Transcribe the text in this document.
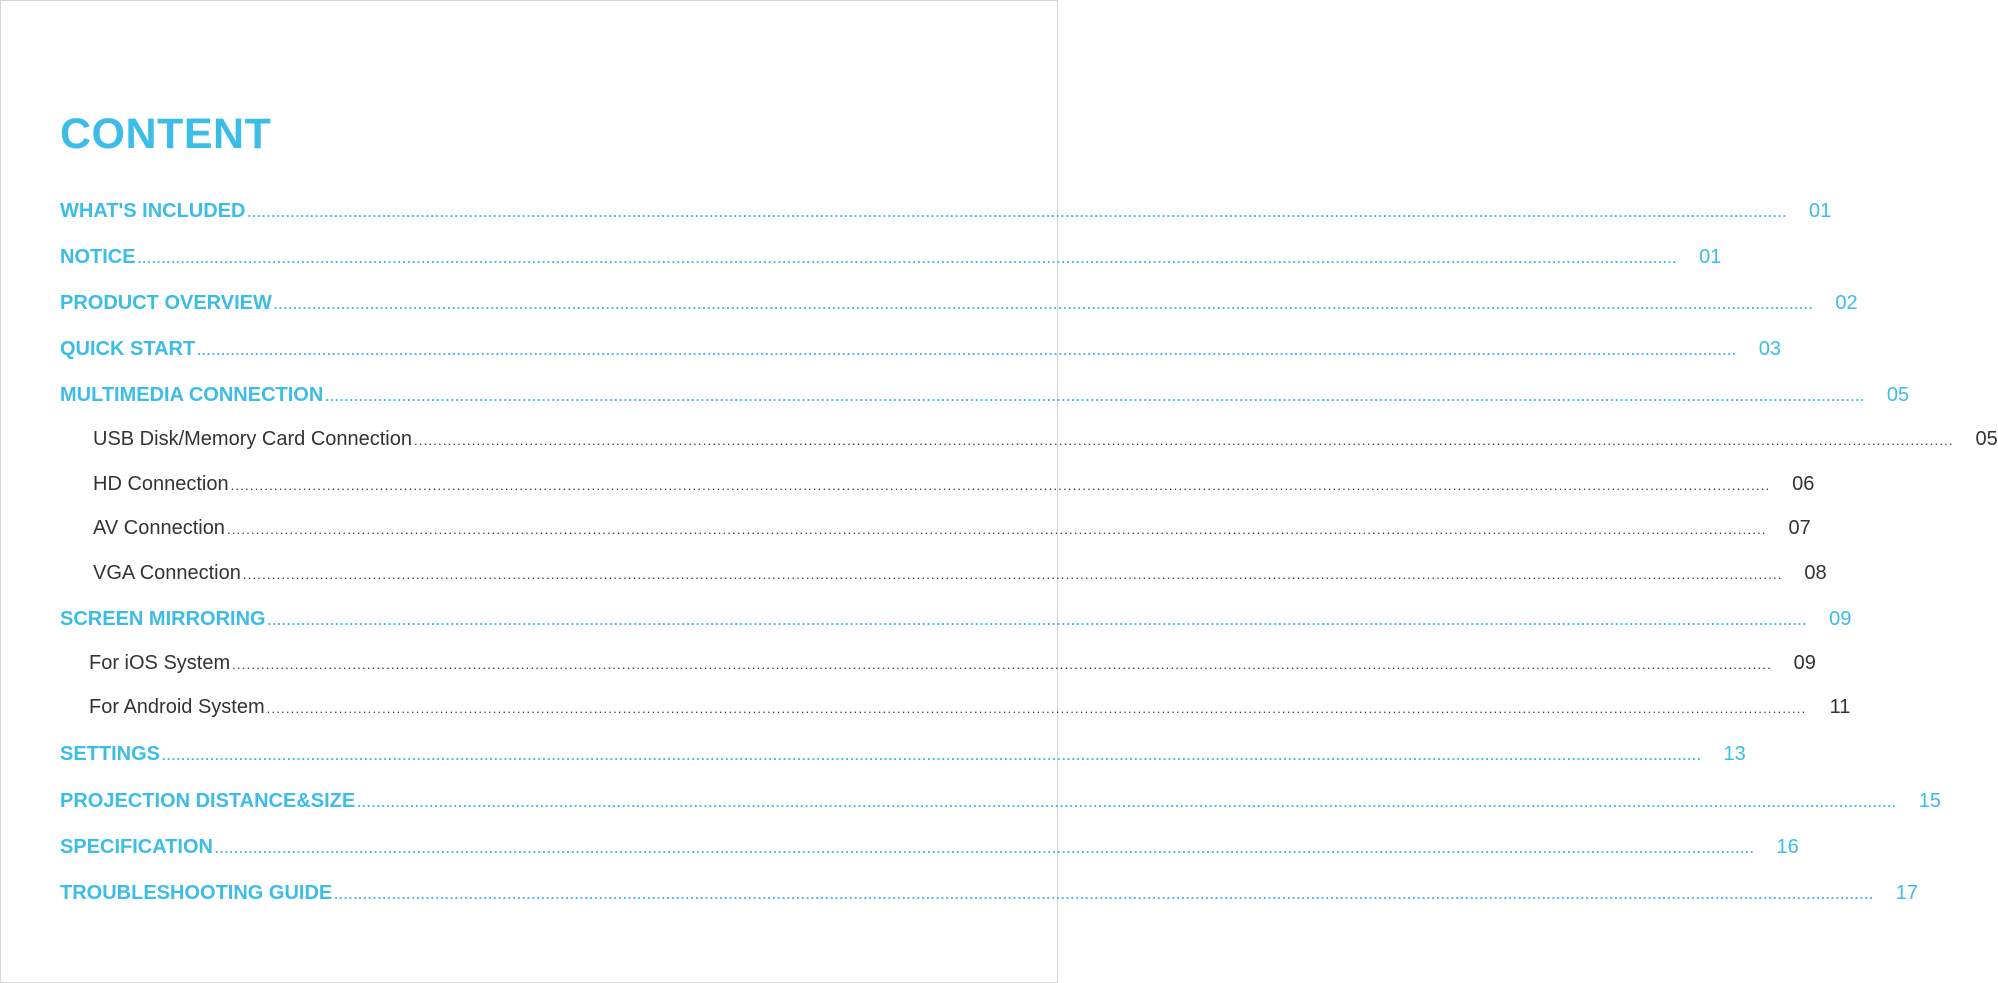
CONTENT
WHAT'S INCLUDED ................................................................................................................................................................................................................................................................................................................................ 01
NOTICE ................................................................................................................................................................................................................................................................................................................................ 01
PRODUCT OVERVIEW ................................................................................................................................................................................................................................................................................................................................ 02
QUICK START ................................................................................................................................................................................................................................................................................................................................ 03
MULTIMEDIA CONNECTION ................................................................................................................................................................................................................................................................................................................................ 05
USB Disk/Memory Card Connection ................................................................................................................................................................................................................................................................................................................................ 05
HD Connection ................................................................................................................................................................................................................................................................................................................................ 06
AV Connection ................................................................................................................................................................................................................................................................................................................................ 07
VGA Connection ................................................................................................................................................................................................................................................................................................................................ 08
SCREEN MIRRORING ................................................................................................................................................................................................................................................................................................................................ 09
For iOS System ................................................................................................................................................................................................................................................................................................................................ 09
For Android System ................................................................................................................................................................................................................................................................................................................................	11
SETTINGS ................................................................................................................................................................................................................................................................................................................................ 13
PROJECTION DISTANCE&SIZE ................................................................................................................................................................................................................................................................................................................................ 15
SPECIFICATION ................................................................................................................................................................................................................................................................................................................................ 16
TROUBLESHOOTING GUIDE ................................................................................................................................................................................................................................................................................................................................ 17
